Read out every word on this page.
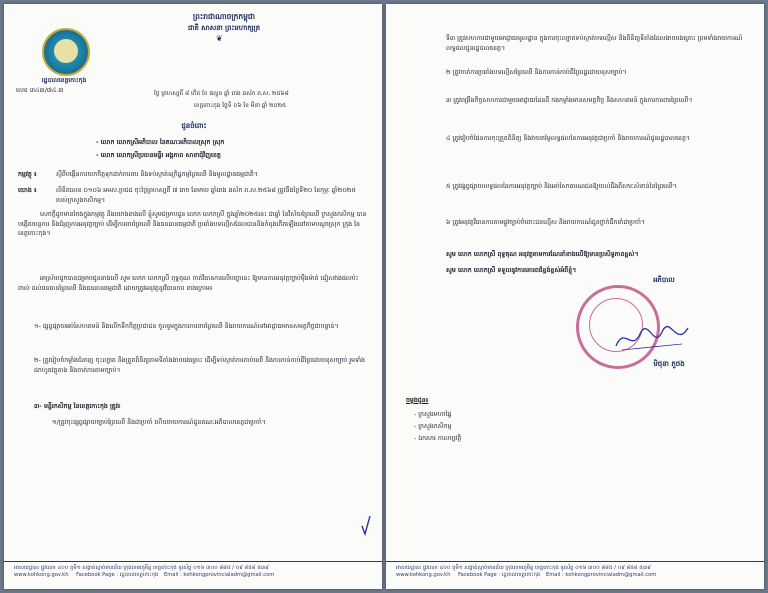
ព្រះរាជាណាចក្រកម្ពុជា
ជាតិ សាសនា ព្រះមហាក្សត្រ
❦
រដ្ឋបាលខេត្តកោះកុង
លេខ ៣៤៣/៧៤.៣	ថ្ងៃ ព្រហស្បតិ៍ ៨ កើត ខែ ផល្គុន ឆ្នាំ រោង ឆស័ក ព.ស. ២៥៦៨
ខេត្តកោះកុង ថ្ងៃទី ០៦ ខែ មីនា ឆ្នាំ ២០២៥
ជូនចំពោះ
- លោក លោកស្រីអភិបាល នៃគណៈអភិបាលស្រុក ស្រុក
- លោក លោកស្រីប្រធានមន្ទីរ អង្គភាព សាខាជុំវិញខេត្ត
កម្មវត្ថុ ៖	ស្តីពីបង្កើនការយកចិត្តទុកដាក់ការពារ និងទប់ស្កាត់ឧក្រិដ្ឋកម្មព្រៃឈើ និងមូលដ្ឋានធម្មជាតិ។
យោង ៖	លិខិតលេខ ០១០៦ អមស.ប្រជជ ចុះថ្ងៃព្រហស្បតិ៍ ៧ រោច ខែមាឃ ឆ្នាំរោង ឆស័ក ព.ស.២៥៦៨ ត្រូវនឹងថ្ងៃទី២០ ខែកុម្ភៈ ឆ្នាំ២០២៥ របស់ក្រសួងកសិកម្ម។
សេចក្តីដូចមានចែងក្នុងកម្មវត្ថុ និងយោងខាងលើ ខ្ញុំសូមជម្រាបជូន លោក លោកស្រី ក្នុងឆ្នាំ២០២៥នេះ ជាឆ្នាំ នៃវិស័យព្រៃឈើ ក្រសួងកសិកម្ម បានបង្កើតយន្តការ និងជំរុញការអនុវត្តច្បាប់ ដើម្បីការពារព្រៃឈើ និងធនធានធម្មជាតិ ប្រឆាំងបទល្មើសដែលបាននិងកំពុងកើតឡើងនៅតាមបណ្តាស្រុក ក្រុង នៃខេត្តកោះកុង។
អាស្រ័យដូចបានជម្រាបជូនខាងលើ សូម លោក លោកស្រី ពុទ្ធគុណ ចាត់វិធានការលើបញ្ហានេះ ឱ្យមានការអនុវត្តច្បាប់ម៉ឺងម៉ាត់ ជៀសវាងផលប៉ះពាល់ ដល់ធនធានព្រៃឈើ និងធនធានធម្មជាតិ ដោយត្រូវអនុវត្តនូវវិធានការ ខាងក្រោម៖
១- ផ្សព្វផ្សាយអប់រំសហគមន៍ និងលើកទឹកចិត្តប្រជាជន ចូលរួមក្នុងការការពារព្រៃឈើ និងរាយការណ៍ទៅអាជ្ញាធរមានសមត្ថកិច្ចជាបន្ទាន់។
២- ត្រូវរៀបចំកម្លាំងជំនាញ ចុះល្បាត និងត្រួតពិនិត្យតាមទីតាំងងាយរងគ្រោះ ដើម្បីទប់ស្កាត់ការកាប់ឈើ និងការកាន់កាប់ដីព្រៃដោយខុសច្បាប់ រួមទាំងដកហូតវត្ថុតាង និងចាត់ការតាមច្បាប់។
៣- មន្ទីរកសិកម្ម នៃខេត្តកោះកុង ត្រូវ៖
១/ត្រូវចុះផ្សព្វផ្សាយច្បាប់ព្រៃឈើ និងជាប្រចាំ ហើយរាយការណ៍ជូនគណៈអភិបាលខេត្តជាប្រចាំ។
អាសយដ្ឋាន៖ ផ្លូវលេខ ៤០០ ភូមិ១ សង្កាត់ស្មាច់មានជ័យ ក្រុងខេមរភូមិន្ទ ខេត្តកោះកុង ទូរស័ព្ទ ០១៦ ៣០០ ៨៨៥ / ០៩ ៨៥៨ ៥៣៩
www.kohkong.gov.kh Facebook Page : រដ្ឋបាលខេត្តកោះកុង Email : kohkongprovincialadm@gmail.com
ទី៣ ត្រូវសហការជាមួយអាជ្ញាធរមូលដ្ឋាន ក្នុងការចុះល្បាតទប់ស្កាត់បទល្មើស និងពិនិត្យទីតាំងដែលងាយរងគ្រោះ ព្រមទាំងរាយការណ៍លទ្ធផលជូនរដ្ឋបាលខេត្ត។
២ ត្រូវចាត់ការប្រឆាំងបទល្មើសព្រៃឈើ និងការកាន់កាប់ដីព្រៃរដ្ឋដោយខុសច្បាប់។
៣ ត្រូវពង្រឹងកិច្ចសហការជាមួយអាជ្ញាធរដែនដី កងកម្លាំងមានសមត្ថកិច្ច និងសហគមន៍ ក្នុងការការពារព្រៃឈើ។
៤ ត្រូវរៀបចំផែនការចុះត្រួតពិនិត្យ និងវាយតម្លៃលទ្ធផលនៃការអនុវត្តជាប្រចាំ និងរាយការណ៍ជូនរដ្ឋបាលខេត្ត។
៥ ត្រូវផ្សព្វផ្សាយលទ្ធផលនៃការអនុវត្តច្បាប់ និងអប់រំសាធារណជនឱ្យយល់ដឹងពីសារៈសំខាន់នៃព្រៃឈើ។
៦ ត្រូវអនុវត្តវិធានការតាមផ្លូវច្បាប់ចំពោះជនល្មើស និងរាយការណ៍ជូនថ្នាក់ដឹកនាំជាប្រចាំ។
សូម លោក លោកស្រី ពុទ្ធគុណ អនុវត្តតាមការណែនាំខាងលើឱ្យមានប្រសិទ្ធភាពខ្ពស់។
សូម លោក លោកស្រី ទទួលនូវការគោរពដ៏ខ្ពង់ខ្ពស់អំពីខ្ញុំ។
អភិបាល
មិថុនា ភួថង
ចម្លងជូន៖
- ក្រសួងមហាផ្ទៃ
- ក្រសួងកសិកម្ម
- ឯកសារ កាលប្បវត្តិ
អាសយដ្ឋាន៖ ផ្លូវលេខ ៤០០ ភូមិ១ សង្កាត់ស្មាច់មានជ័យ ក្រុងខេមរភូមិន្ទ ខេត្តកោះកុង ទូរស័ព្ទ ០១៦ ៣០០ ៨៨៥ / ០៩ ៨៥៨ ៥៣៩
www.kohkong.gov.kh Facebook Page : រដ្ឋបាលខេត្តកោះកុង Email : kohkongprovincialadm@gmail.com
